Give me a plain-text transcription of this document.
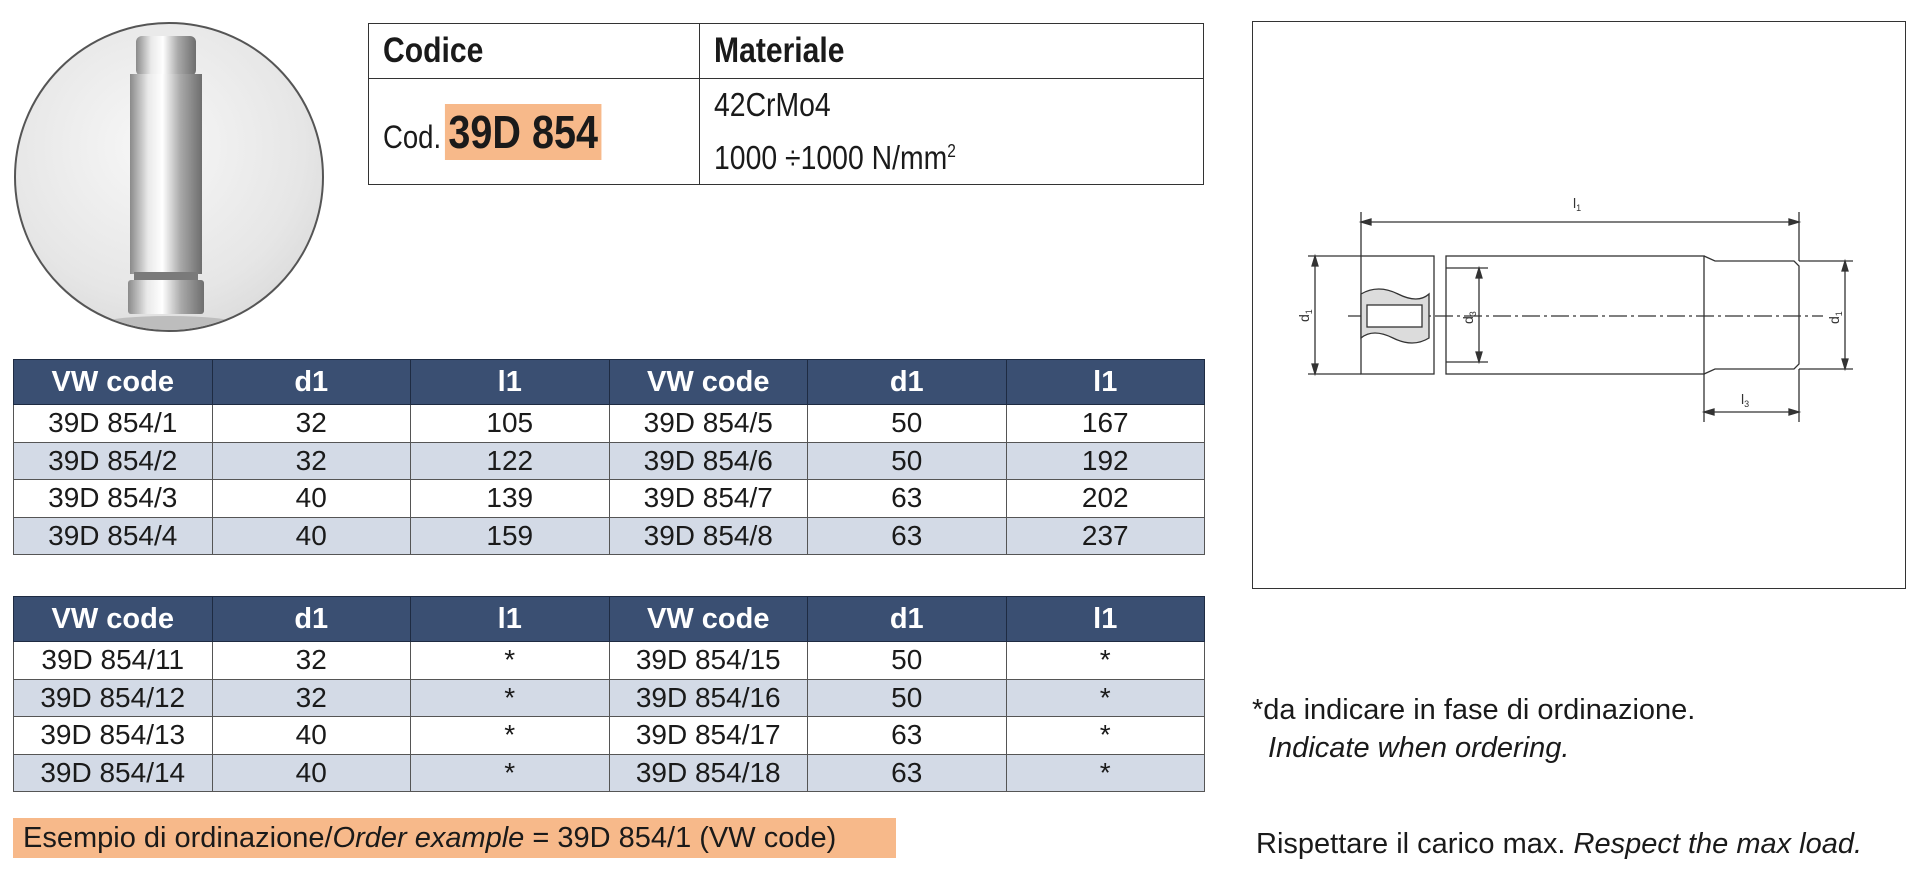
Codice	Materiale
Cod. 39D 854	42CrMo4
1000 ÷1000 $N/mm^2$
VW code	d1	l1	VW code	d1	l1
39D 854/1	32	105	39D 854/5	50	167
39D 854/2	32	122	39D 854/6	50	192
39D 854/3	40	139	39D 854/7	63	202
39D 854/4	40	159	39D 854/8	63	237
VW code	d1	l1	VW code	d1	l1
39D 854/11	32	*	39D 854/15	50	*
39D 854/12	32	*	39D 854/16	50	*
39D 854/13	40	*	39D 854/17	63	*
39D 854/14	40	*	39D 854/18	63	*
Esempio di ordinazione/Order example = 39D 854/1 (VW code)
$l_1$
$l_3$
$d_1$
$d_3$
$d_1$
*da indicare in fase di ordinazione.
Indicate when ordering.
Rispettare il carico max. Respect the max load.
